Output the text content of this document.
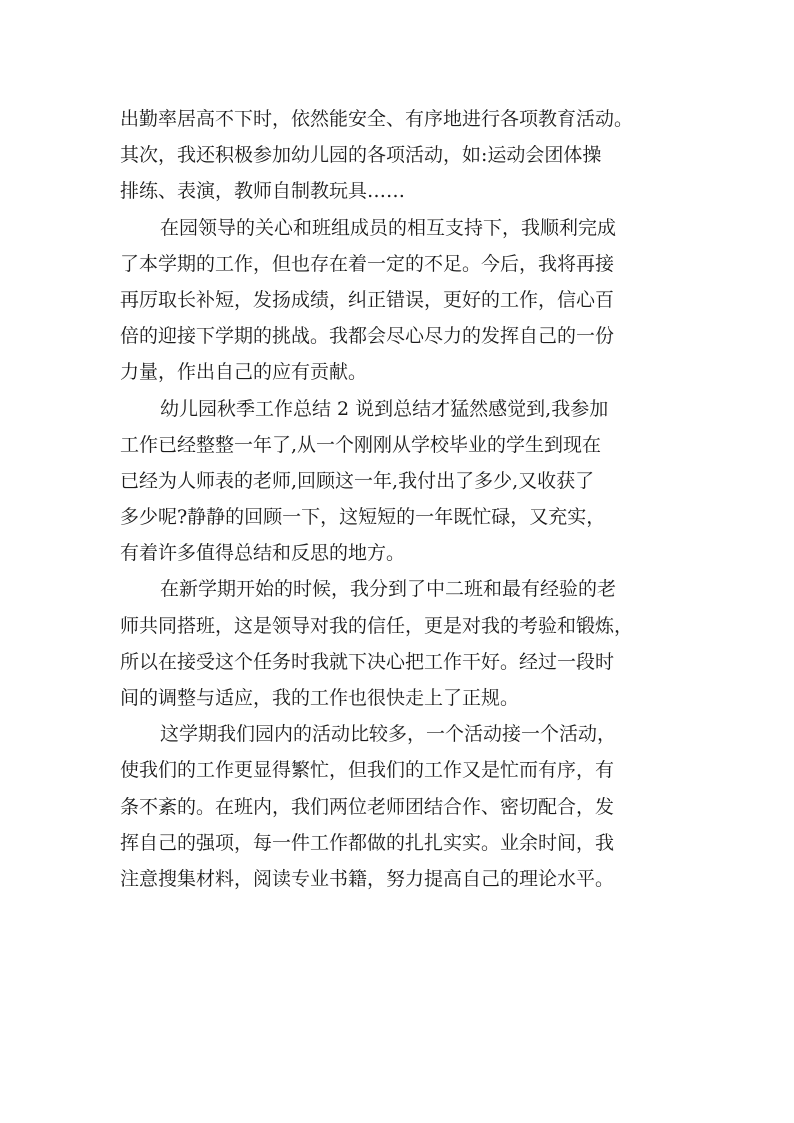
出勤率居高不下时，依然能安全、有序地进行各项教育活动。
其次，我还积极参加幼儿园的各项活动，如:运动会团体操
排练、表演，教师自制教玩具……
在园领导的关心和班组成员的相互支持下，我顺利完成
了本学期的工作，但也存在着一定的不足。今后，我将再接
再厉取长补短，发扬成绩，纠正错误，更好的工作，信心百
倍的迎接下学期的挑战。我都会尽心尽力的发挥自己的一份
力量，作出自己的应有贡献。
幼儿园秋季工作总结 2 说到总结才猛然感觉到,我参加
工作已经整整一年了,从一个刚刚从学校毕业的学生到现在
已经为人师表的老师,回顾这一年,我付出了多少,又收获了
多少呢?静静的回顾一下，这短短的一年既忙碌，又充实，
有着许多值得总结和反思的地方。
在新学期开始的时候，我分到了中二班和最有经验的老
师共同搭班，这是领导对我的信任，更是对我的考验和锻炼，
所以在接受这个任务时我就下决心把工作干好。经过一段时
间的调整与适应，我的工作也很快走上了正规。
这学期我们园内的活动比较多，一个活动接一个活动，
使我们的工作更显得繁忙，但我们的工作又是忙而有序，有
条不紊的。在班内，我们两位老师团结合作、密切配合，发
挥自己的强项，每一件工作都做的扎扎实实。业余时间，我
注意搜集材料，阅读专业书籍，努力提高自己的理论水平。
